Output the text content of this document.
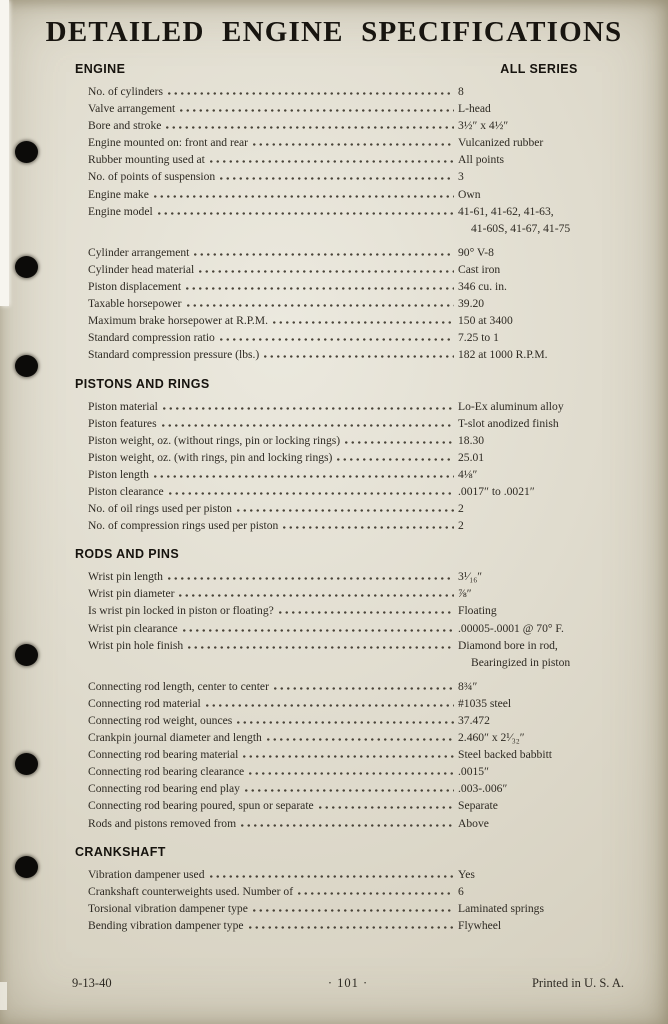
DETAILED ENGINE SPECIFICATIONS
ENGINE	ALL SERIES
No. of cylinders	8
Valve arrangement	L-head
Bore and stroke	3½″ x 4½″
Engine mounted on: front and rear	Vulcanized rubber
Rubber mounting used at	All points
No. of points of suspension	3
Engine make	Own
Engine model	41-61, 41-62, 41-63,
41-60S, 41-67, 41-75
Cylinder arrangement	90° V-8
Cylinder head material	Cast iron
Piston displacement	346 cu. in.
Taxable horsepower	39.20
Maximum brake horsepower at R.P.M.	150 at 3400
Standard compression ratio	7.25 to 1
Standard compression pressure (lbs.)	182 at 1000 R.P.M.
PISTONS AND RINGS
Piston material	Lo-Ex aluminum alloy
Piston features	T-slot anodized finish
Piston weight, oz. (without rings, pin or locking rings)	18.30
Piston weight, oz. (with rings, pin and locking rings)	25.01
Piston length	4⅛″
Piston clearance	.0017″ to .0021″
No. of oil rings used per piston	2
No. of compression rings used per piston	2
RODS AND PINS
Wrist pin length	3¹⁄₁₆″
Wrist pin diameter	⅞″
Is wrist pin locked in piston or floating?	Floating
Wrist pin clearance	.00005-.0001 @ 70° F.
Wrist pin hole finish	Diamond bore in rod,
Bearingized in piston
Connecting rod length, center to center	8¾″
Connecting rod material	#1035 steel
Connecting rod weight, ounces	37.472
Crankpin journal diameter and length	2.460″ x 2¹⁄₃₂″
Connecting rod bearing material	Steel backed babbitt
Connecting rod bearing clearance	.0015″
Connecting rod bearing end play	.003-.006″
Connecting rod bearing poured, spun or separate	Separate
Rods and pistons removed from	Above
CRANKSHAFT
Vibration dampener used	Yes
Crankshaft counterweights used. Number of	6
Torsional vibration dampener type	Laminated springs
Bending vibration dampener type	Flywheel
9-13-40	· 101 ·	Printed in U. S. A.
